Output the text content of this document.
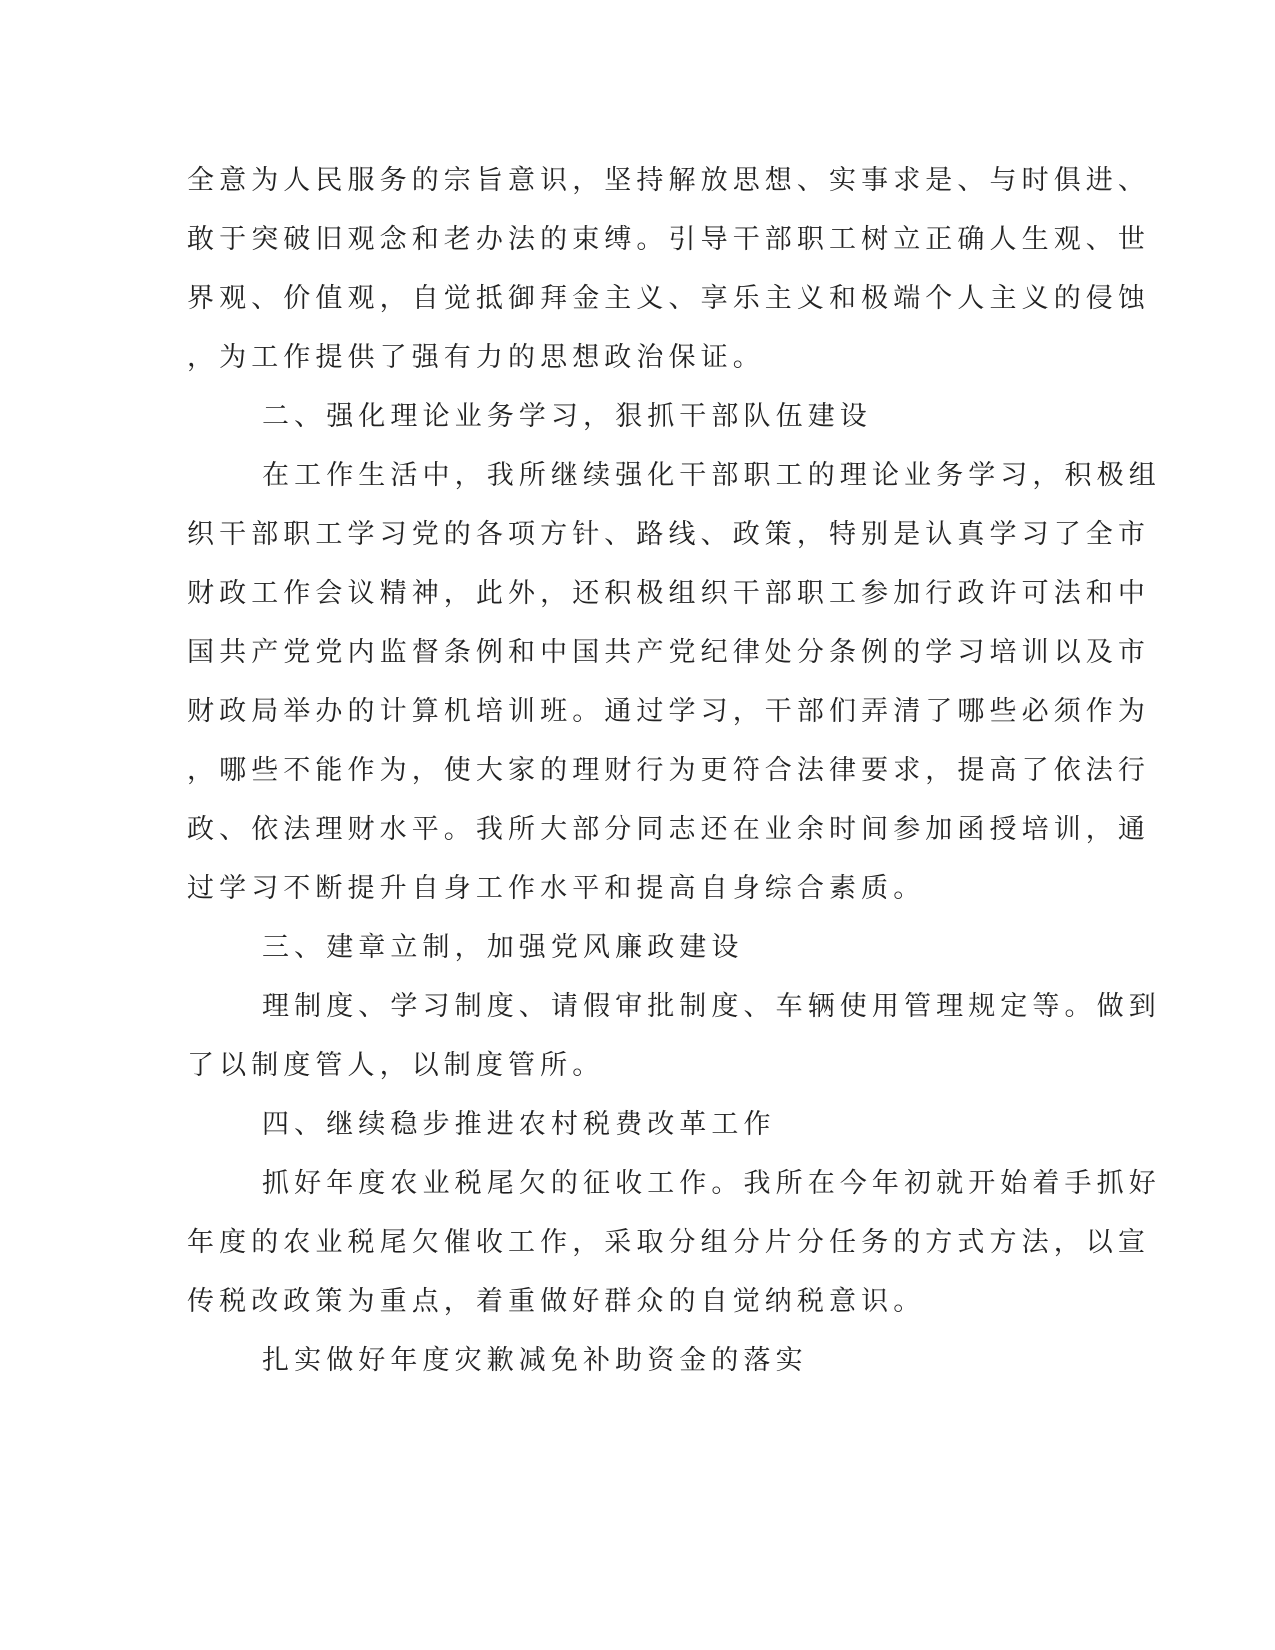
全意为人民服务的宗旨意识，坚持解放思想、实事求是、与时俱进、

敢于突破旧观念和老办法的束缚。引导干部职工树立正确人生观、世

界观、价值观，自觉抵御拜金主义、享乐主义和极端个人主义的侵蚀

，为工作提供了强有力的思想政治保证。

二、强化理论业务学习，狠抓干部队伍建设

在工作生活中，我所继续强化干部职工的理论业务学习，积极组

织干部职工学习党的各项方针、路线、政策，特别是认真学习了全市

财政工作会议精神，此外，还积极组织干部职工参加行政许可法和中

国共产党党内监督条例和中国共产党纪律处分条例的学习培训以及市

财政局举办的计算机培训班。通过学习，干部们弄清了哪些必须作为

，哪些不能作为，使大家的理财行为更符合法律要求，提高了依法行

政、依法理财水平。我所大部分同志还在业余时间参加函授培训，通

过学习不断提升自身工作水平和提高自身综合素质。

三、建章立制，加强党风廉政建设

理制度、学习制度、请假审批制度、车辆使用管理规定等。做到

了以制度管人，以制度管所。

四、继续稳步推进农村税费改革工作

抓好年度农业税尾欠的征收工作。我所在今年初就开始着手抓好

年度的农业税尾欠催收工作，采取分组分片分任务的方式方法，以宣

传税改政策为重点，着重做好群众的自觉纳税意识。

扎实做好年度灾歉减免补助资金的落实
